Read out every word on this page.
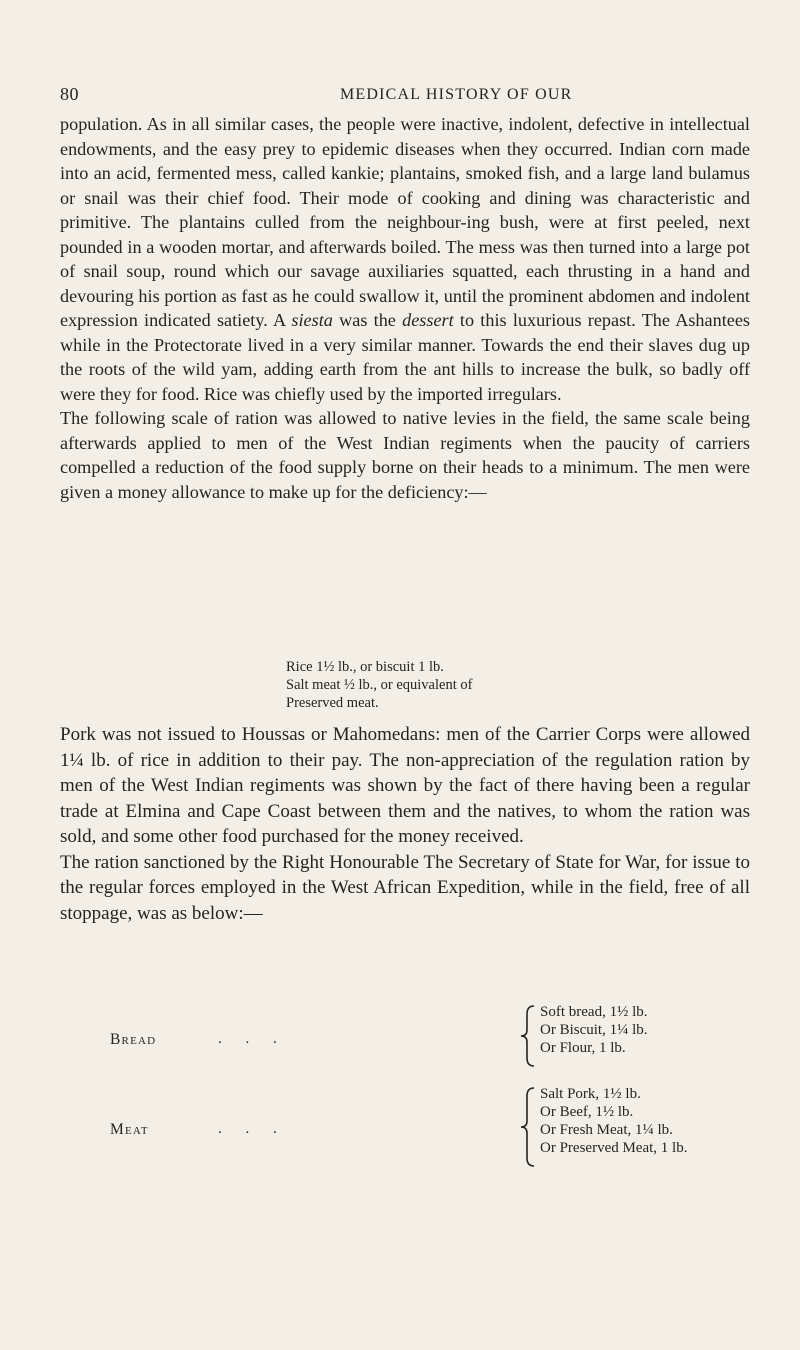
80	MEDICAL HISTORY OF OUR

population. As in all similar cases, the people were inactive, indolent, defective in intellectual endowments, and the easy prey to epidemic diseases when they occurred. Indian corn made into an acid, fermented mess, called kankie; plantains, smoked fish, and a large land bulamus or snail was their chief food. Their mode of cooking and dining was characteristic and primitive. The plantains culled from the neighbour-ing bush, were at first peeled, next pounded in a wooden mortar, and afterwards boiled. The mess was then turned into a large pot of snail soup, round which our savage auxiliaries squatted, each thrusting in a hand and devouring his portion as fast as he could swallow it, until the prominent abdomen and indolent expression indicated satiety. A siesta was the dessert to this luxurious repast. The Ashantees while in the Protectorate lived in a very similar manner. Towards the end their slaves dug up the roots of the wild yam, adding earth from the ant hills to increase the bulk, so badly off were they for food. Rice was chiefly used by the imported irregulars.

The following scale of ration was allowed to native levies in the field, the same scale being afterwards applied to men of the West Indian regiments when the paucity of carriers compelled a reduction of the food supply borne on their heads to a minimum. The men were given a money allowance to make up for the deficiency:—

Rice 1½ lb., or biscuit 1 lb.
Salt meat ½ lb., or equivalent of
Preserved meat.

Pork was not issued to Houssas or Mahomedans: men of the Carrier Corps were allowed 1¼ lb. of rice in addition to their pay. The non-appreciation of the regulation ration by men of the West Indian regiments was shown by the fact of there having been a regular trade at Elmina and Cape Coast between them and the natives, to whom the ration was sold, and some other food purchased for the money received.

The ration sanctioned by the Right Honourable The Secretary of State for War, for issue to the regular forces employed in the West African Expedition, while in the field, free of all stoppage, was as below:—

Bread	. . .
Soft bread, 1½ lb.
Or Biscuit, 1¼ lb.
Or Flour, 1 lb.
Meat	. . .
Salt Pork, 1½ lb.
Or Beef, 1½ lb.
Or Fresh Meat, 1¼ lb.
Or Preserved Meat, 1 lb.
